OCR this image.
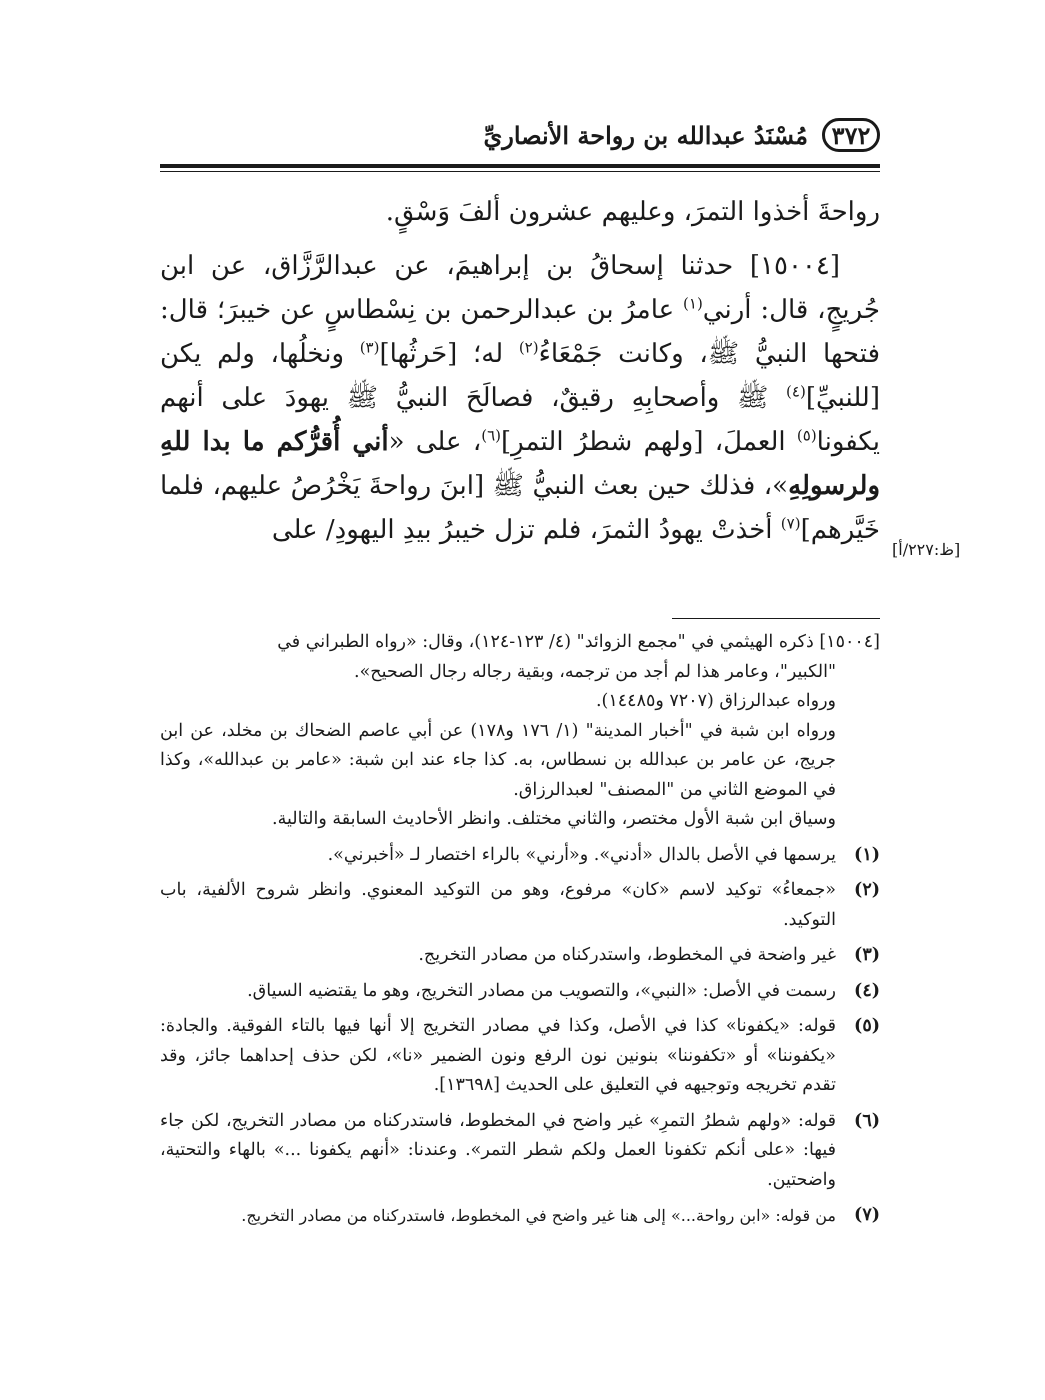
٣٧٢
مُسْنَدُ عبدالله بن رواحة الأنصاريِّ

رواحةَ أخذوا التمرَ، وعليهم عشرون ألفَ وَسْقٍ.

[١٥٠٠٤] حدثنا إسحاقُ بن إبراهيمَ، عن عبدالرَّزَّاق، عن ابن جُريجٍ، قال: أرني$^{(١)}$ عامرُ بن عبدالرحمن بن نِسْطاسٍ عن خيبرَ؛ قال: فتحها النبيُّ ﷺ، وكانت جَمْعَاءُ$^{(٢)}$ له؛ [حَرثُها]$^{(٣)}$ ونخلُها، ولم يكن [للنبيِّ]$^{(٤)}$ ﷺ وأصحابِهِ رقيقٌ، فصالَحَ النبيُّ ﷺ يهودَ على أنهم يكفونا$^{(٥)}$ العملَ، [ولهم شطرُ التمرِ]$^{(٦)}$، على «أني أُقرُّكم ما بدا للهِ ولرسولِهِ»، فذلك حين بعث النبيُّ ﷺ [ابنَ رواحةَ يَخْرُصُ عليهم، فلما خَيَّرهم]$^{(٧)}$ أخذتْ يهودُ الثمرَ، فلم تزل خيبرُ بيدِ اليهودِ/ على

[ظ:٢٢٧/أ]

[١٥٠٠٤] ذكره الهيثمي في "مجمع الزوائد" (٤/ ١٢٣-١٢٤)، وقال: «رواه الطبراني في

"الكبير"، وعامر هذا لم أجد من ترجمه، وبقية رجاله رجال الصحيح».

ورواه عبدالرزاق (٧٢٠٧ و١٤٤٨٥).

ورواه ابن شبة في "أخبار المدينة" (١/ ١٧٦ و١٧٨) عن أبي عاصم الضحاك بن مخلد، عن ابن جريج، عن عامر بن عبدالله بن نسطاس، به. كذا جاء عند ابن شبة: «عامر بن عبدالله»، وكذا في الموضع الثاني من "المصنف" لعبدالرزاق.

وسياق ابن شبة الأول مختصر، والثاني مختلف. وانظر الأحاديث السابقة والتالية.

(١)
يرسمها في الأصل بالدال «أدني». و«أرني» بالراء اختصار لـ «أخبرني».
(٢)
«جمعاءُ» توكيد لاسم «كان» مرفوع، وهو من التوكيد المعنوي. وانظر شروح الألفية، باب التوكيد.
(٣)
غير واضحة في المخطوط، واستدركناه من مصادر التخريج.
(٤)
رسمت في الأصل: «النبي»، والتصويب من مصادر التخريج، وهو ما يقتضيه السياق.
(٥)
قوله: «يكفونا» كذا في الأصل، وكذا في مصادر التخريج إلا أنها فيها بالتاء الفوقية. والجادة: «يكفوننا» أو «تكفوننا» بنونين نون الرفع ونون الضمير «نا»، لكن حذف إحداهما جائز، وقد تقدم تخريجه وتوجيهه في التعليق على الحديث [١٣٦٩٨].
(٦)
قوله: «ولهم شطرُ التمرِ» غير واضح في المخطوط، فاستدركناه من مصادر التخريج، لكن جاء فيها: «على أنكم تكفونا العمل ولكم شطر التمر». وعندنا: «أنهم يكفونا ...» بالهاء والتحتية، واضحتين.
(٧)
من قوله: «ابن رواحة...» إلى هنا غير واضح في المخطوط، فاستدركناه من مصادر التخريج.
